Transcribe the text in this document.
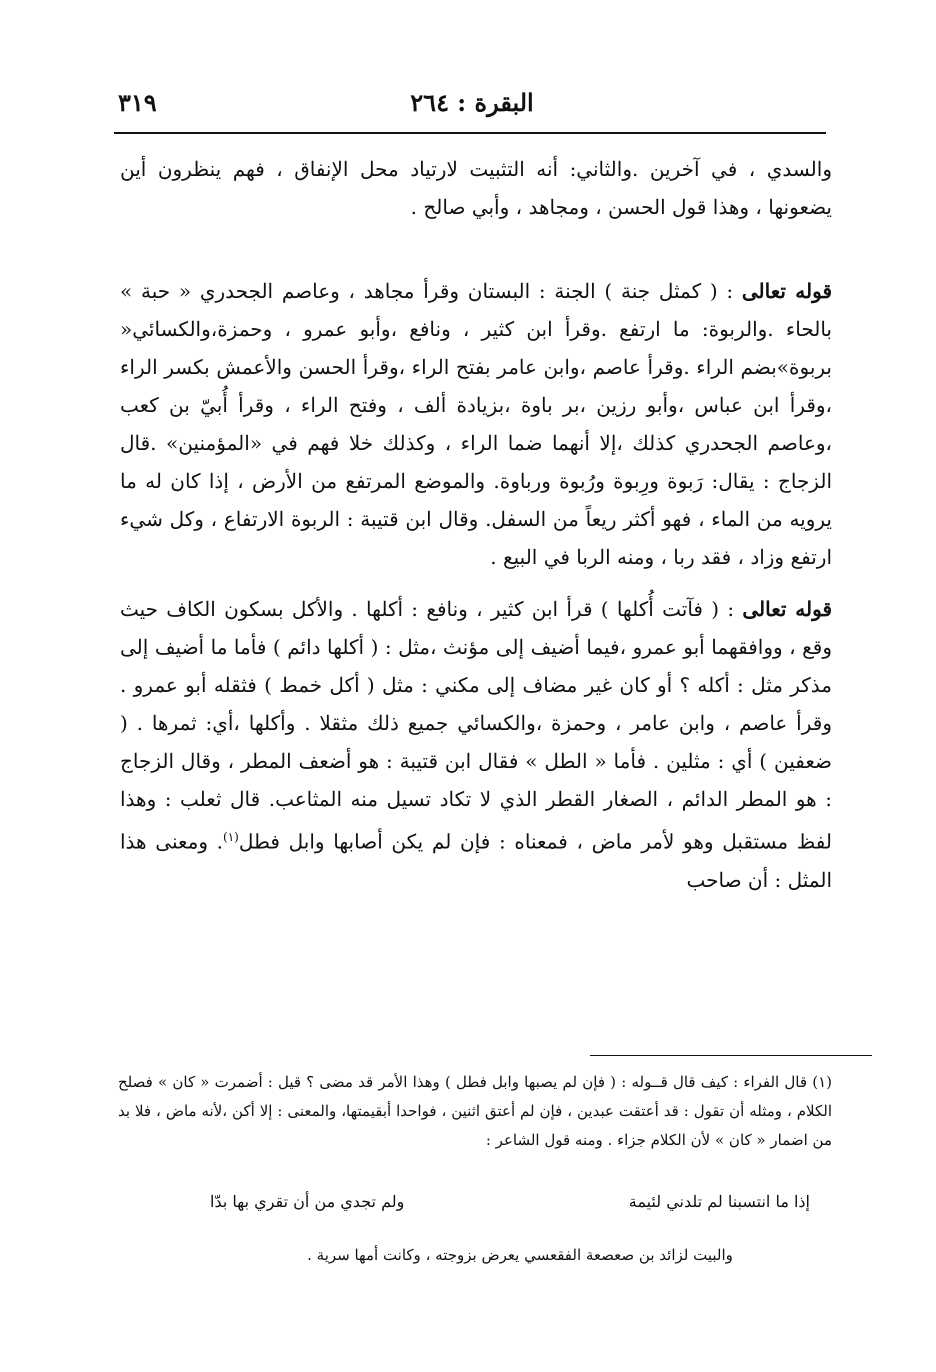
البقرة : ٢٦٤
٣١٩

والسدي ، في آخرين .والثاني: أنه التثبيت لارتياد محل الإنفاق ، فهم ينظرون أين يضعونها ، وهذا قول الحسن ، ومجاهد ، وأبي صالح .

قوله تعالى : ( كمثل جنة ) الجنة : البستان وقرأ مجاهد ، وعاصم الجحدري « حبة » بالحاء .والربوة: ما ارتفع .وقرأ ابن كثير ، ونافع ،وأبو عمرو ، وحمزة،والكسائي« بربوة»بضم الراء .وقرأ عاصم ،وابن عامر بفتح الراء ،وقرأ الحسن والأعمش بكسر الراء ،وقرأ ابن عباس ،وأبو رزين ،بر باوة ،بزيادة ألف ، وفتح الراء ، وقرأ أُبيّ بن كعب ،وعاصم الجحدري كذلك ،إلا أنهما ضما الراء ، وكذلك خلا فهم في «المؤمنين» .قال الزجاج : يقال: رَبوة ورِبوة ورُبوة ورباوة. والموضع المرتفع من الأرض ، إذا كان له ما يرويه من الماء ، فهو أكثر ريعاً من السفل. وقال ابن قتيبة : الربوة الارتفاع ، وكل شيء ارتفع وزاد ، فقد ربا ، ومنه الربا في البيع .

قوله تعالى : ( فآتت أُكلها ) قرأ ابن كثير ، ونافع : أكلها . والأكل بسكون الكاف حيث وقع ، ووافقهما أبو عمرو ،فيما أضيف إلى مؤنث ،مثل : ( أكلها دائم ) فأما ما أضيف إلى مذكر مثل : أكله ؟ أو كان غير مضاف إلى مكني : مثل ( أكل خمط ) فثقله أبو عمرو . وقرأ عاصم ، وابن عامر ، وحمزة ،والكسائي جميع ذلك مثقلا . وأكلها ،أي: ثمرها . ( ضعفين ) أي : مثلين . فأما « الطل » فقال ابن قتيبة : هو أضعف المطر ، وقال الزجاج : هو المطر الدائم ، الصغار القطر الذي لا تكاد تسيل منه المثاعب. قال ثعلب : وهذا لفظ مستقبل وهو لأمر ماض ، فمعناه : فإن لم يكن أصابها وابل فطل$^{(١)}$. ومعنى هذا المثل : أن صاحب

(١) قال الفراء : كيف قال قــوله : ( فإن لم يصبها وابل فطل ) وهذا الأمر قد مضى ؟ قيل : أضمرت « كان » فصلح الكلام ، ومثله أن تقول : قد أعتقت عبدين ، فإن لم أعتق اثنين ، فواحدا أبقيمتها، والمعنى : إلا أكن ،لأنه ماض ، فلا بد من اضمار « كان » لأن الكلام جزاء . ومنه قول الشاعر :

إذا ما انتسبنا لم تلدني لئيمة
ولم تجدي من أن تقري بها بدّا
والبيت لزائد بن صعصعة الفقعسي يعرض بزوجته ، وكانت أمها سرية .
